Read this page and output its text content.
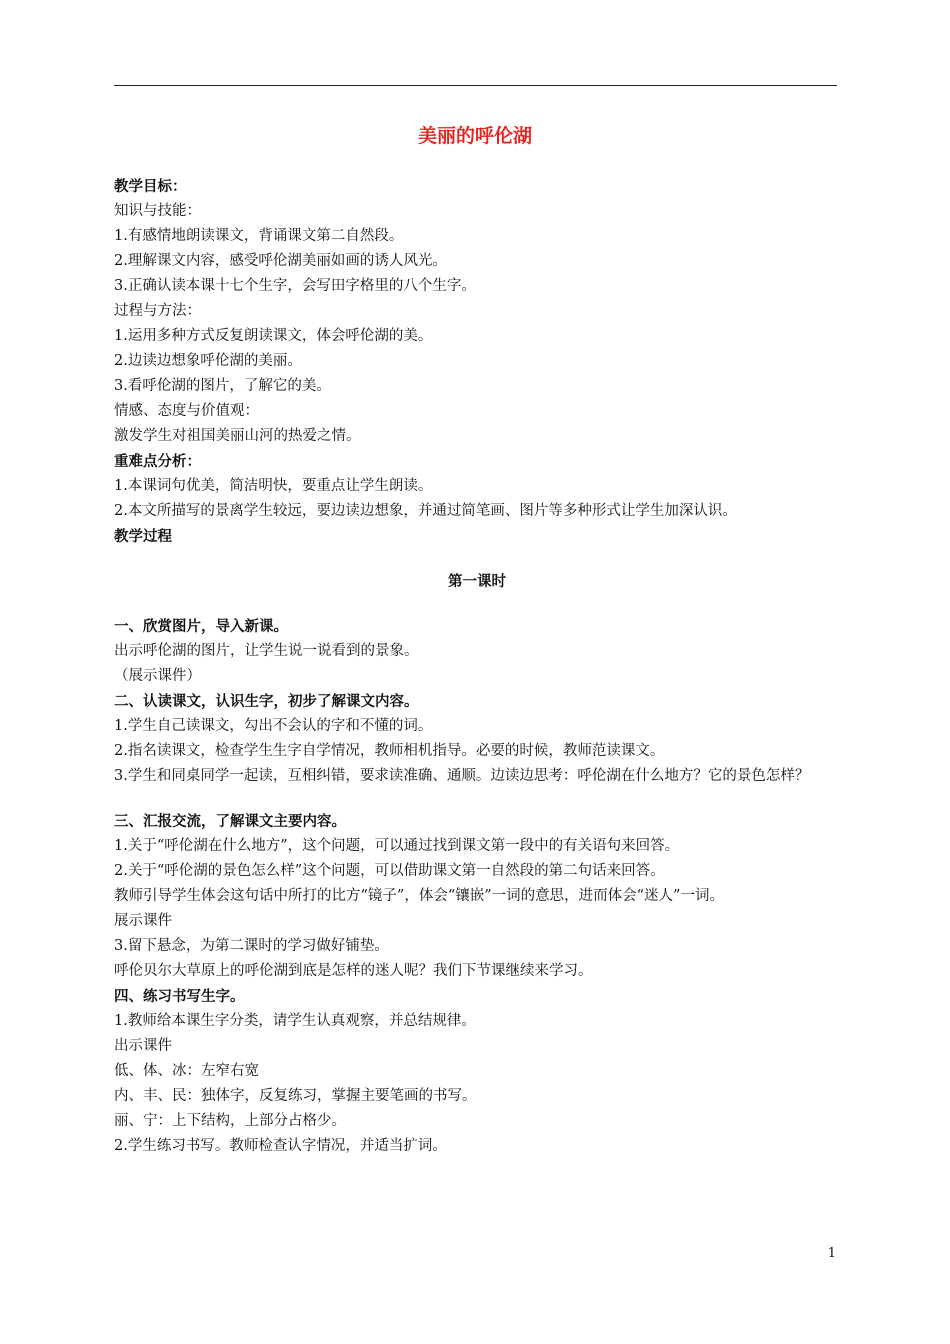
美丽的呼伦湖
教学目标：
知识与技能：
1.有感情地朗读课文，背诵课文第二自然段。
2.理解课文内容，感受呼伦湖美丽如画的诱人风光。
3.正确认读本课十七个生字，会写田字格里的八个生字。
过程与方法：
1.运用多种方式反复朗读课文，体会呼伦湖的美。
2.边读边想象呼伦湖的美丽。
3.看呼伦湖的图片，了解它的美。
情感、态度与价值观：
激发学生对祖国美丽山河的热爱之情。
重难点分析：
1.本课词句优美，简洁明快，要重点让学生朗读。
2.本文所描写的景离学生较远，要边读边想象，并通过简笔画、图片等多种形式让学生加深认识。
教学过程
第一课时
一、欣赏图片，导入新课。
出示呼伦湖的图片，让学生说一说看到的景象。
（展示课件）
二、认读课文，认识生字，初步了解课文内容。
1.学生自己读课文，勾出不会认的字和不懂的词。
2.指名读课文，检查学生生字自学情况，教师相机指导。必要的时候，教师范读课文。
3.学生和同桌同学一起读，互相纠错，要求读准确、通顺。边读边思考：呼伦湖在什么地方？它的景色怎样？
三、汇报交流，了解课文主要内容。
1.关于“呼伦湖在什么地方”，这个问题，可以通过找到课文第一段中的有关语句来回答。
2.关于“呼伦湖的景色怎么样”这个问题，可以借助课文第一自然段的第二句话来回答。
教师引导学生体会这句话中所打的比方“镜子”，体会“镶嵌”一词的意思，进而体会“迷人”一词。
展示课件
3.留下悬念，为第二课时的学习做好铺垫。
呼伦贝尔大草原上的呼伦湖到底是怎样的迷人呢？我们下节课继续来学习。
四、练习书写生字。
1.教师给本课生字分类，请学生认真观察，并总结规律。
出示课件
低、体、冰：左窄右宽
内、丰、民：独体字，反复练习，掌握主要笔画的书写。
丽、宁：上下结构，上部分占格少。
2.学生练习书写。教师检查认字情况，并适当扩词。
1
